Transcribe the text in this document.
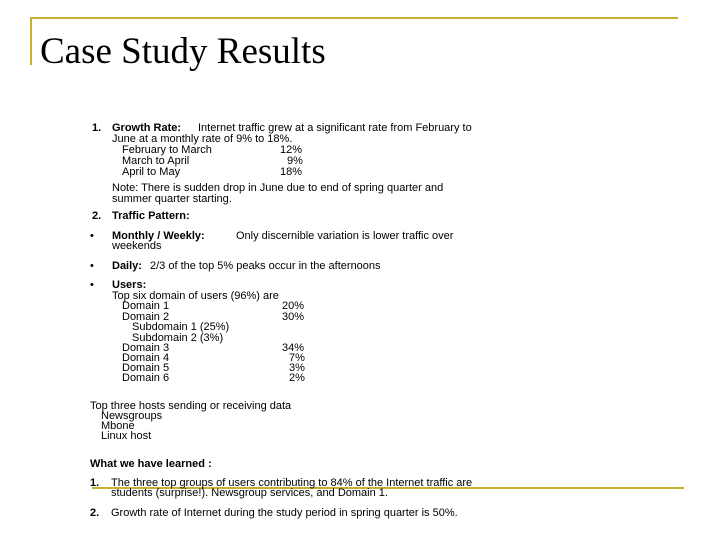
Case Study Results
1. Growth Rate: Internet traffic grew at a significant rate from February to
June at a monthly rate of 9% to 18%.
February to March	12%
March to April	9%
April to May	18%
Note: There is sudden drop in June due to end of spring quarter and
summer quarter starting.
2. Traffic Pattern:
• Monthly / Weekly:	Only discernible variation is lower traffic over
weekends
• Daily: 2/3 of the top 5% peaks occur in the afternoons
• Users:
Top six domain of users (96%) are
Domain 1	20%
Domain 2	30%
Subdomain 1 (25%)
Subdomain 2 (3%)
Domain 3	34%
Domain 4	7%
Domain 5	3%
Domain 6	2%
Top three hosts sending or receiving data
Newsgroups
Mbone
Linux host
What we have learned :
1. The three top groups of users contributing to 84% of the Internet traffic are
students (surprise!). Newsgroup services, and Domain 1.
2. Growth rate of Internet during the study period in spring quarter is 50%.
